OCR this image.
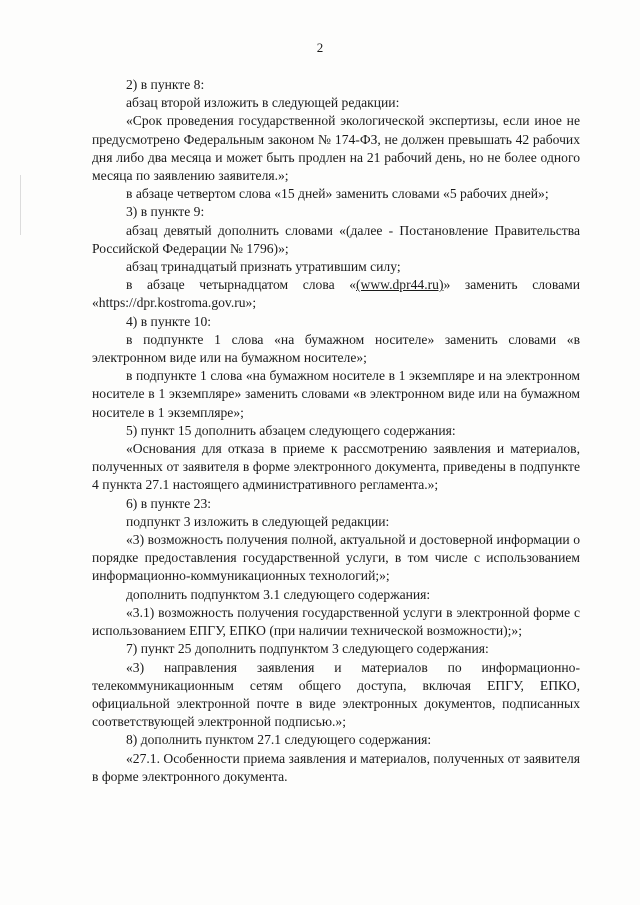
2

2) в пункте 8:

абзац второй изложить в следующей редакции:

«Срок проведения государственной экологической экспертизы, если иное не предусмотрено Федеральным законом № 174-ФЗ, не должен превышать 42 рабочих дня либо два месяца и может быть продлен на 21 рабочий день, но не более одного месяца по заявлению заявителя.»;

в абзаце четвертом слова «15 дней» заменить словами «5 рабочих дней»;

3) в пункте 9:

абзац девятый дополнить словами «(далее - Постановление Правительства Российской Федерации № 1796)»;

абзац тринадцатый признать утратившим силу;

в абзаце четырнадцатом слова «(www.dpr44.ru)» заменить словами «https://dpr.kostroma.gov.ru»;

4) в пункте 10:

в подпункте 1 слова «на бумажном носителе» заменить словами «в электронном виде или на бумажном носителе»;

в подпункте 1 слова «на бумажном носителе в 1 экземпляре и на электронном носителе в 1 экземпляре» заменить словами «в электронном виде или на бумажном носителе в 1 экземпляре»;

5) пункт 15 дополнить абзацем следующего содержания:

«Основания для отказа в приеме к рассмотрению заявления и материалов, полученных от заявителя в форме электронного документа, приведены в подпункте 4 пункта 27.1 настоящего административного регламента.»;

6) в пункте 23:

подпункт 3 изложить в следующей редакции:

«3) возможность получения полной, актуальной и достоверной информации о порядке предоставления государственной услуги, в том числе с использованием информационно-коммуникационных технологий;»;

дополнить подпунктом 3.1 следующего содержания:

«3.1) возможность получения государственной услуги в электронной форме с использованием ЕПГУ, ЕПКО (при наличии технической возможности);»;

7) пункт 25 дополнить подпунктом 3 следующего содержания:

«3) направления заявления и материалов по информационно-телекоммуникационным сетям общего доступа, включая ЕПГУ, ЕПКО, официальной электронной почте в виде электронных документов, подписанных соответствующей электронной подписью.»;

8) дополнить пунктом 27.1 следующего содержания:

«27.1. Особенности приема заявления и материалов, полученных от заявителя в форме электронного документа.
